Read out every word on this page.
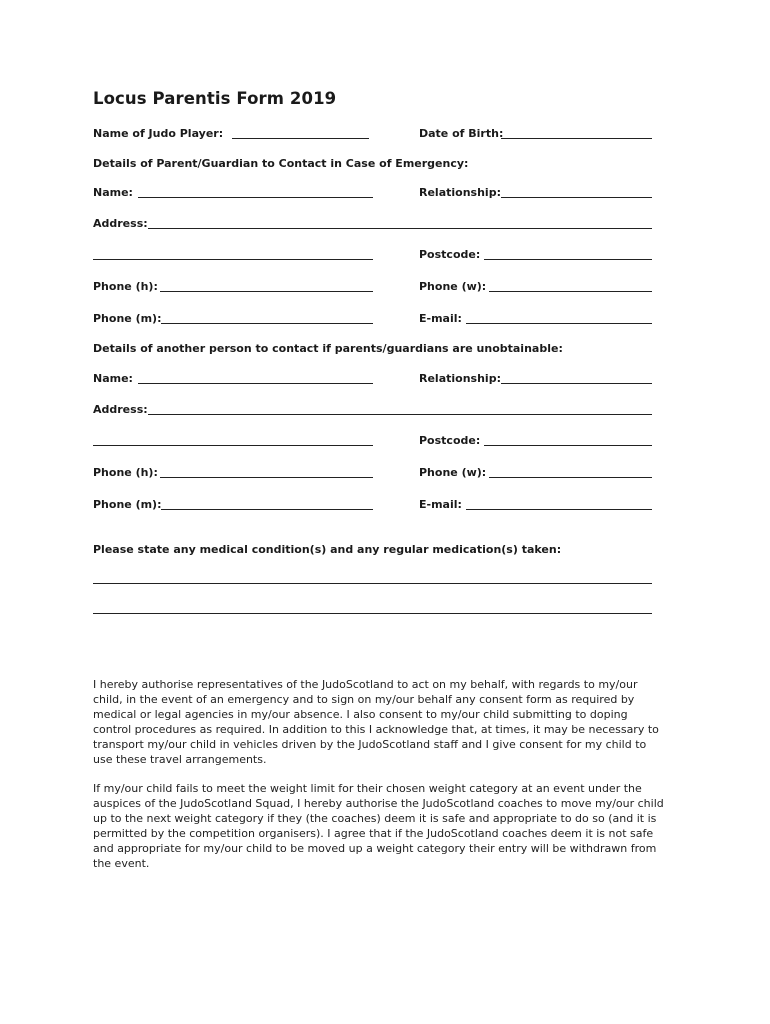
Locus Parentis Form 2019
Name of Judo Player:	Date of Birth:
Details of Parent/Guardian to Contact in Case of Emergency:
Name:	Relationship:
Address:
Postcode:
Phone (h):	Phone (w):
Phone (m):	E-mail:
Details of another person to contact if parents/guardians are unobtainable:
Name:	Relationship:
Address:
Postcode:
Phone (h):	Phone (w):
Phone (m):	E-mail:
Please state any medical condition(s) and any regular medication(s) taken:

I hereby authorise representatives of the JudoScotland to act on my behalf, with regards to my/our child, in the event of an emergency and to sign on my/our behalf any consent form as required by medical or legal agencies in my/our absence. I also consent to my/our child submitting to doping control procedures as required. In addition to this I acknowledge that, at times, it may be necessary to transport my/our child in vehicles driven by the JudoScotland staff and I give consent for my child to use these travel arrangements.

If my/our child fails to meet the weight limit for their chosen weight category at an event under the auspices of the JudoScotland Squad, I hereby authorise the JudoScotland coaches to move my/our child up to the next weight category if they (the coaches) deem it is safe and appropriate to do so (and it is permitted by the competition organisers). I agree that if the JudoScotland coaches deem it is not safe and appropriate for my/our child to be moved up a weight category their entry will be withdrawn from the event.
